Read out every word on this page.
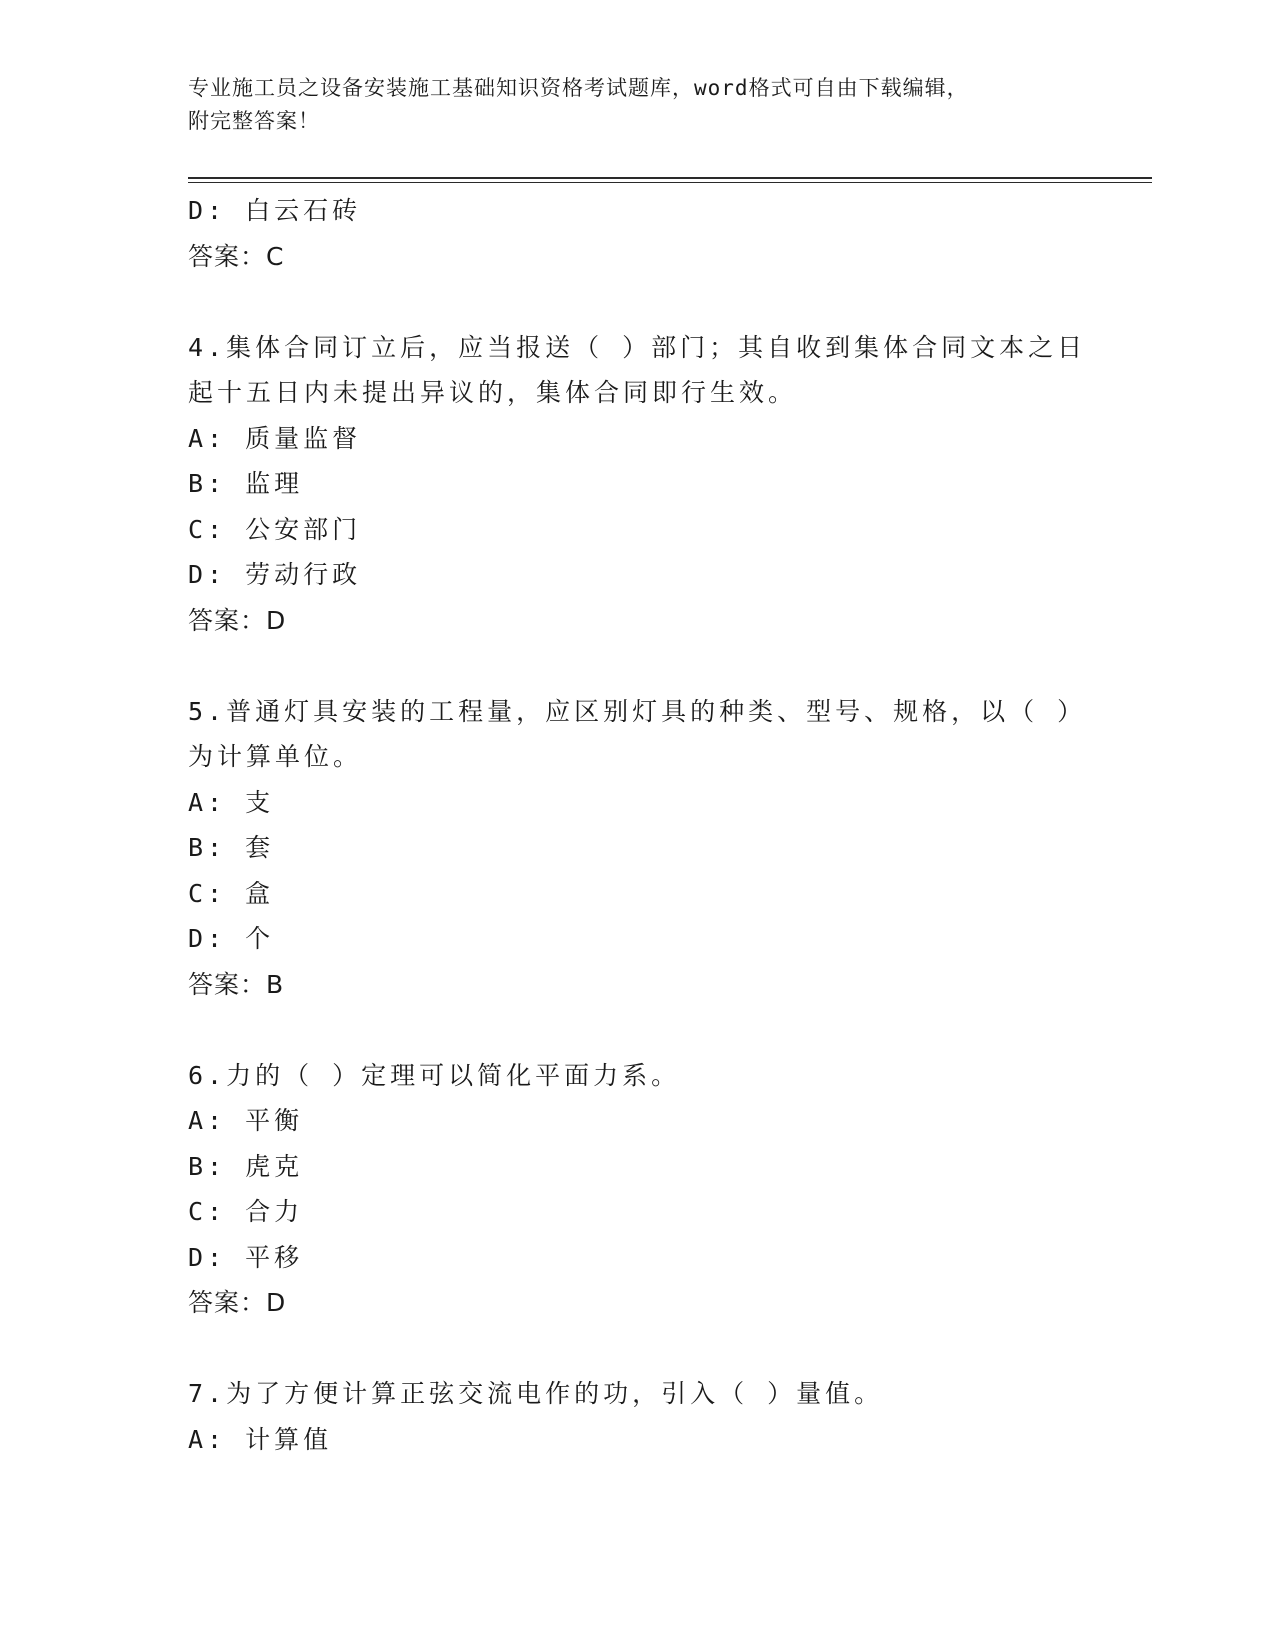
专业施工员之设备安装施工基础知识资格考试题库，word格式可自由下载编辑，
附完整答案！
D: 白云石砖
答案：C
4.集体合同订立后，应当报送（ ）部门；其自收到集体合同文本之日
起十五日内未提出异议的，集体合同即行生效。
A: 质量监督
B: 监理
C: 公安部门
D: 劳动行政
答案：D
5.普通灯具安装的工程量，应区别灯具的种类、型号、规格，以（ ）
为计算单位。
A: 支
B: 套
C: 盒
D: 个
答案：B
6.力的（ ）定理可以简化平面力系。
A: 平衡
B: 虎克
C: 合力
D: 平移
答案：D
7.为了方便计算正弦交流电作的功，引入（ ）量值。
A: 计算值
